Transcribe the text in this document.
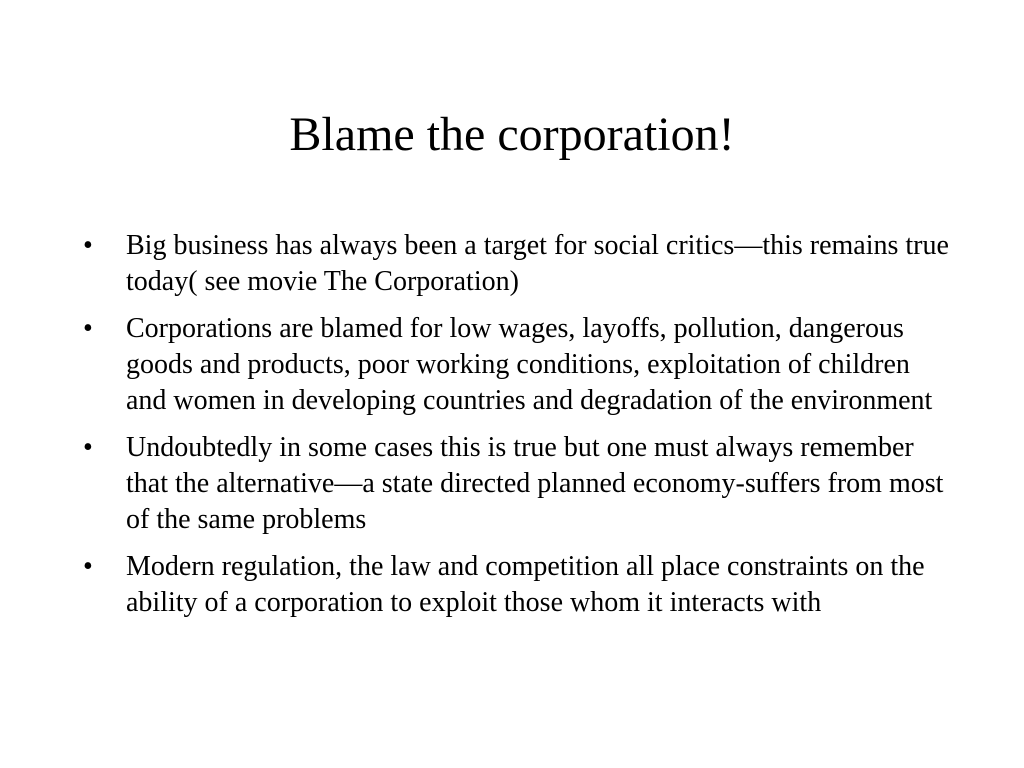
Blame the corporation!
•	Big business has always been a target for social critics—this remains true today( see movie The Corporation)
•	Corporations are blamed for low wages, layoffs, pollution, dangerous goods and products, poor working conditions, exploitation of children and women in developing countries and degradation of the environment
•	Undoubtedly in some cases this is true but one must always remember that the alternative—a state directed planned economy-suffers from most of the same problems
•	Modern regulation, the law and competition all place constraints on the ability of a corporation to exploit those whom it interacts with
